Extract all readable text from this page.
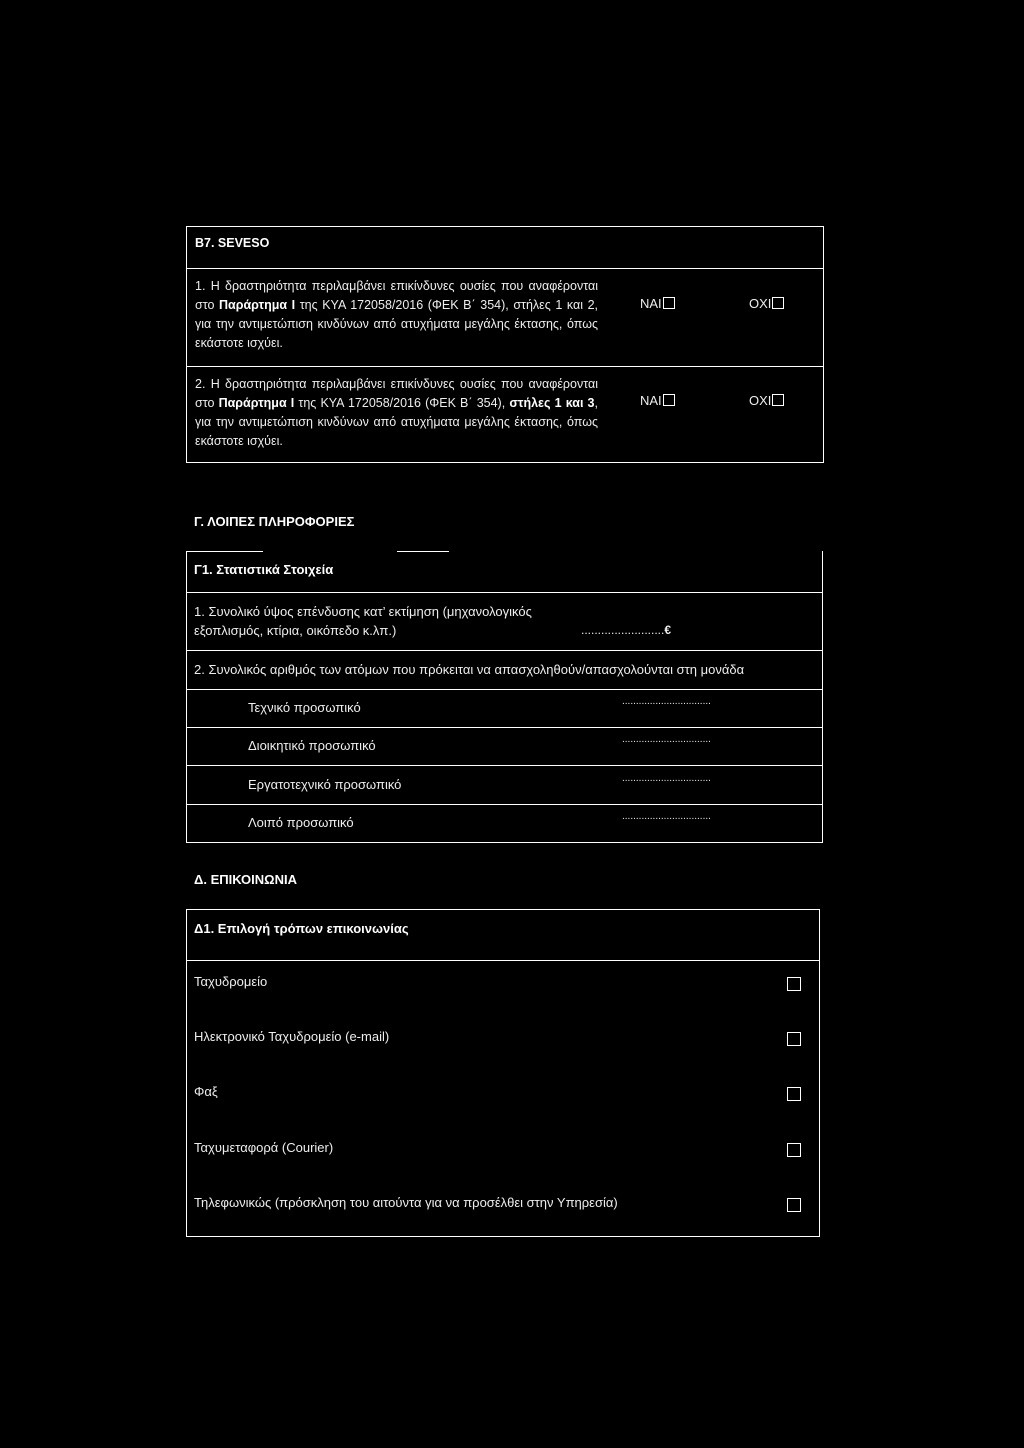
B7. SEVESO
1. Η δραστηριότητα περιλαμβάνει επικίνδυνες ουσίες που αναφέρονται στο Παράρτημα I της ΚΥΑ 172058/2016 (ΦΕΚ Β΄ 354), στήλες 1 και 2, για την αντιμετώπιση κινδύνων από ατυχήματα μεγάλης έκτασης, όπως εκάστοτε ισχύει.
ΝΑΙ	ΟΧΙ
2. Η δραστηριότητα περιλαμβάνει επικίνδυνες ουσίες που αναφέρονται στο Παράρτημα I της ΚΥΑ 172058/2016 (ΦΕΚ Β΄ 354), στήλες 1 και 3, για την αντιμετώπιση κινδύνων από ατυχήματα μεγάλης έκτασης, όπως εκάστοτε ισχύει.
ΝΑΙ	ΟΧΙ
Γ. ΛΟΙΠΕΣ ΠΛΗΡΟΦΟΡΙΕΣ
Γ1. Στατιστικά Στοιχεία
1. Συνολικό ύψος επένδυσης κατ’ εκτίμηση (μηχανολογικός
εξοπλισμός, κτίρια, οικόπεδο κ.λπ.)	.........................€
2. Συνολικός αριθμός των ατόμων που πρόκειται να απασχοληθούν/απασχολούνται στη μονάδα
Τεχνικό προσωπικό	................................
Διοικητικό προσωπικό	................................
Εργατοτεχνικό προσωπικό	................................
Λοιπό προσωπικό	................................
Δ. ΕΠΙΚΟΙΝΩΝΙΑ
Δ1. Επιλογή τρόπων επικοινωνίας
Ταχυδρομείο
Ηλεκτρονικό Ταχυδρομείο (e-mail)
Φαξ
Ταχυμεταφορά (Courier)
Τηλεφωνικώς (πρόσκληση του αιτούντα για να προσέλθει στην Υπηρεσία)
